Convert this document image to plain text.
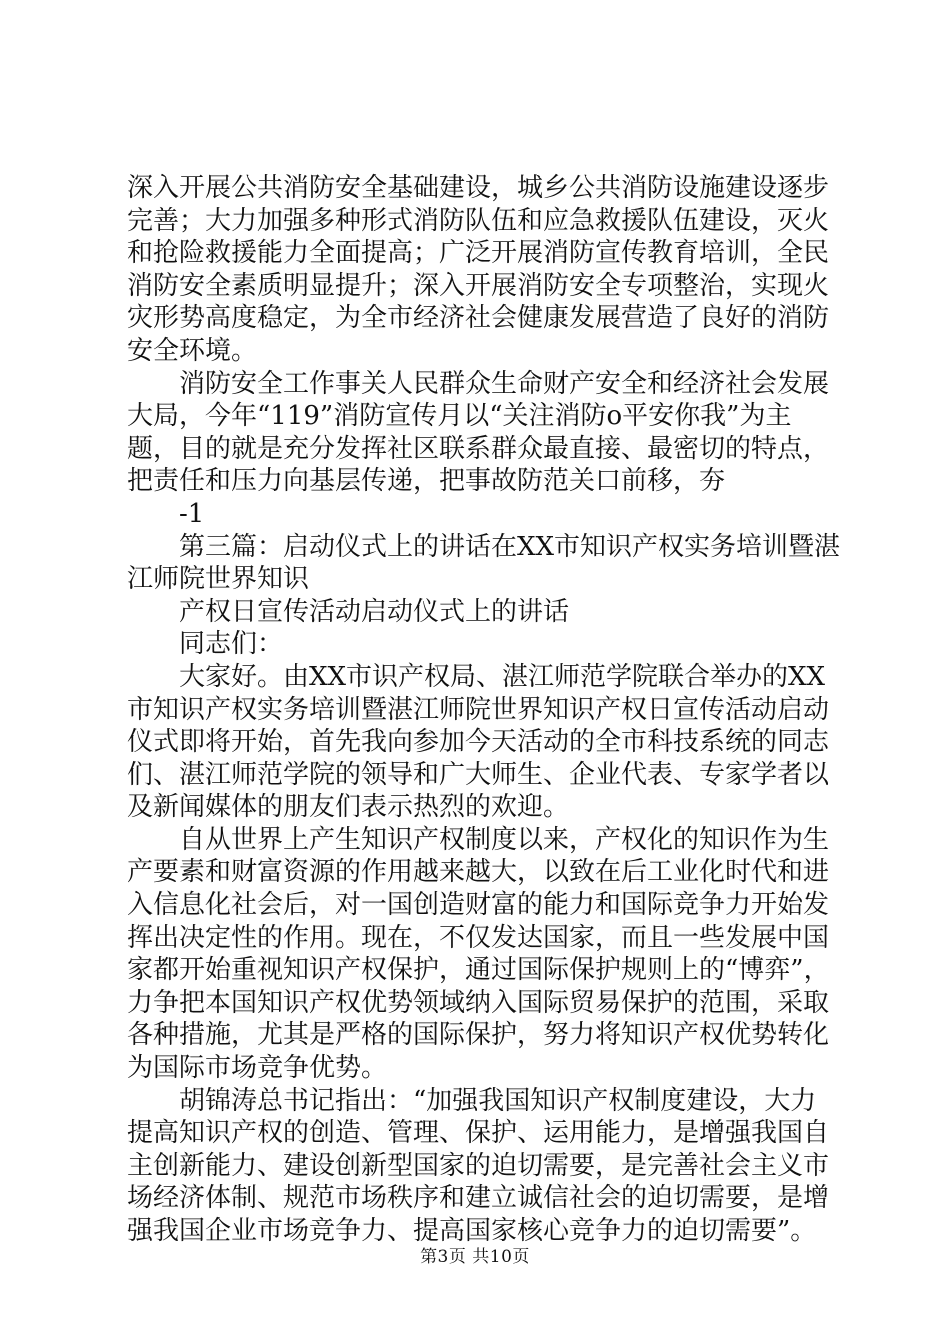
深入开展公共消防安全基础建设，城乡公共消防设施建设逐步
完善；大力加强多种形式消防队伍和应急救援队伍建设，灭火
和抢险救援能力全面提高；广泛开展消防宣传教育培训，全民
消防安全素质明显提升；深入开展消防安全专项整治，实现火
灾形势高度稳定，为全市经济社会健康发展营造了良好的消防
安全环境。
消防安全工作事关人民群众生命财产安全和经济社会发展
大局，今年“119”消防宣传月以“关注消防o平安你我”为主
题，目的就是充分发挥社区联系群众最直接、最密切的特点，
把责任和压力向基层传递，把事故防范关口前移，夯
-1
第三篇：启动仪式上的讲话在XX市知识产权实务培训暨湛
江师院世界知识
产权日宣传活动启动仪式上的讲话
同志们：
大家好。由XX市识产权局、湛江师范学院联合举办的XX
市知识产权实务培训暨湛江师院世界知识产权日宣传活动启动
仪式即将开始，首先我向参加今天活动的全市科技系统的同志
们、湛江师范学院的领导和广大师生、企业代表、专家学者以
及新闻媒体的朋友们表示热烈的欢迎。
自从世界上产生知识产权制度以来，产权化的知识作为生
产要素和财富资源的作用越来越大，以致在后工业化时代和进
入信息化社会后，对一国创造财富的能力和国际竞争力开始发
挥出决定性的作用。现在，不仅发达国家，而且一些发展中国
家都开始重视知识产权保护，通过国际保护规则上的“博弈”，
力争把本国知识产权优势领域纳入国际贸易保护的范围，采取
各种措施，尤其是严格的国际保护，努力将知识产权优势转化
为国际市场竞争优势。
胡锦涛总书记指出：“加强我国知识产权制度建设，大力
提高知识产权的创造、管理、保护、运用能力，是增强我国自
主创新能力、建设创新型国家的迫切需要，是完善社会主义市
场经济体制、规范市场秩序和建立诚信社会的迫切需要，是增
强我国企业市场竞争力、提高国家核心竞争力的迫切需要”。
第3页 共10页
